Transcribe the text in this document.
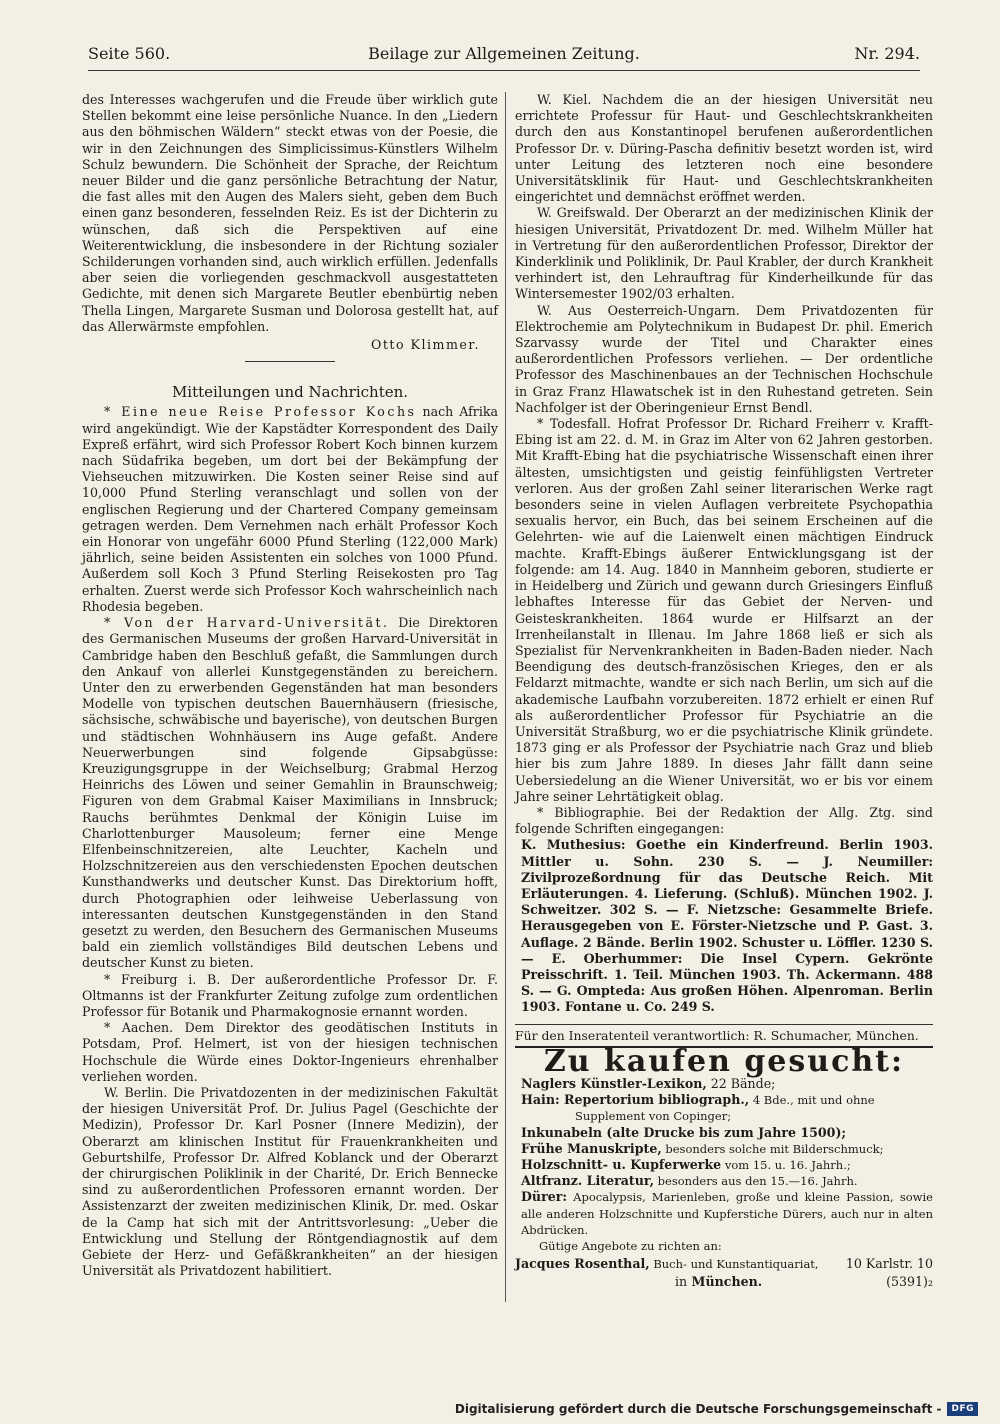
Seite 560.	Beilage zur Allgemeinen Zeitung.	Nr. 294.

des Interesses wachgerufen und die Freude über wirklich gute Stellen bekommt eine leise persönliche Nuance. In den „Liedern aus den böhmischen Wäldern“ steckt etwas von der Poesie, die wir in den Zeichnungen des Simplicissimus-Künstlers Wilhelm Schulz bewundern. Die Schönheit der Sprache, der Reichtum neuer Bilder und die ganz persönliche Betrachtung der Natur, die fast alles mit den Augen des Malers sieht, geben dem Buch einen ganz besonderen, fesselnden Reiz. Es ist der Dichterin zu wünschen, daß sich die Perspektiven auf eine Weiterentwicklung, die insbesondere in der Richtung sozialer Schilderungen vorhanden sind, auch wirklich erfüllen. Jedenfalls aber seien die vorliegenden geschmackvoll ausgestatteten Gedichte, mit denen sich Margarete Beutler ebenbürtig neben Thella Lingen, Margarete Susman und Dolorosa gestellt hat, auf das Allerwärmste empfohlen.

Otto Klimmer.
Mitteilungen und Nachrichten.

* Eine neue Reise Professor Kochs nach Afrika wird angekündigt. Wie der Kapstädter Korrespondent des Daily Expreß erfährt, wird sich Professor Robert Koch binnen kurzem nach Südafrika begeben, um dort bei der Bekämpfung der Viehseuchen mitzuwirken. Die Kosten seiner Reise sind auf 10,000 Pfund Sterling veranschlagt und sollen von der englischen Regierung und der Chartered Company gemeinsam getragen werden. Dem Vernehmen nach erhält Professor Koch ein Honorar von ungefähr 6000 Pfund Sterling (122,000 Mark) jährlich, seine beiden Assistenten ein solches von 1000 Pfund. Außerdem soll Koch 3 Pfund Sterling Reisekosten pro Tag erhalten. Zuerst werde sich Professor Koch wahrscheinlich nach Rhodesia begeben.

* Von der Harvard-Universität. Die Direktoren des Germanischen Museums der großen Harvard-Universität in Cambridge haben den Beschluß gefaßt, die Sammlungen durch den Ankauf von allerlei Kunstgegenständen zu bereichern. Unter den zu erwerbenden Gegenständen hat man besonders Modelle von typischen deutschen Bauernhäusern (friesische, sächsische, schwäbische und bayerische), von deutschen Burgen und städtischen Wohnhäusern ins Auge gefaßt. Andere Neuerwerbungen sind folgende Gipsabgüsse: Kreuzigungsgruppe in der Weichselburg; Grabmal Herzog Heinrichs des Löwen und seiner Gemahlin in Braunschweig; Figuren von dem Grabmal Kaiser Maximilians in Innsbruck; Rauchs berühmtes Denkmal der Königin Luise im Charlottenburger Mausoleum; ferner eine Menge Elfenbeinschnitzereien, alte Leuchter, Kacheln und Holzschnitzereien aus den verschiedensten Epochen deutschen Kunsthandwerks und deutscher Kunst. Das Direktorium hofft, durch Photographien oder leihweise Ueberlassung von interessanten deutschen Kunstgegenständen in den Stand gesetzt zu werden, den Besuchern des Germanischen Museums bald ein ziemlich vollständiges Bild deutschen Lebens und deutscher Kunst zu bieten.

* Freiburg i. B. Der außerordentliche Professor Dr. F. Oltmanns ist der Frankfurter Zeitung zufolge zum ordentlichen Professor für Botanik und Pharmakognosie ernannt worden.

* Aachen. Dem Direktor des geodätischen Instituts in Potsdam, Prof. Helmert, ist von der hiesigen technischen Hochschule die Würde eines Doktor-Ingenieurs ehrenhalber verliehen worden.

W. Berlin. Die Privatdozenten in der medizinischen Fakultät der hiesigen Universität Prof. Dr. Julius Pagel (Geschichte der Medizin), Professor Dr. Karl Posner (Innere Medizin), der Oberarzt am klinischen Institut für Frauenkrankheiten und Geburtshilfe, Professor Dr. Alfred Koblanck und der Oberarzt der chirurgischen Poliklinik in der Charité, Dr. Erich Bennecke sind zu außerordentlichen Professoren ernannt worden. Der Assistenzarzt der zweiten medizinischen Klinik, Dr. med. Oskar de la Camp hat sich mit der Antrittsvorlesung: „Ueber die Entwicklung und Stellung der Röntgendiagnostik auf dem Gebiete der Herz- und Gefäßkrankheiten“ an der hiesigen Universität als Privatdozent habilitiert.

W. Kiel. Nachdem die an der hiesigen Universität neu errichtete Professur für Haut- und Geschlechtskrankheiten durch den aus Konstantinopel berufenen außerordentlichen Professor Dr. v. Düring-Pascha definitiv besetzt worden ist, wird unter Leitung des letzteren noch eine besondere Universitätsklinik für Haut- und Geschlechtskrankheiten eingerichtet und demnächst eröffnet werden.

W. Greifswald. Der Oberarzt an der medizinischen Klinik der hiesigen Universität, Privatdozent Dr. med. Wilhelm Müller hat in Vertretung für den außerordentlichen Professor, Direktor der Kinderklinik und Poliklinik, Dr. Paul Krabler, der durch Krankheit verhindert ist, den Lehrauftrag für Kinderheilkunde für das Wintersemester 1902/03 erhalten.

W. Aus Oesterreich-Ungarn. Dem Privatdozenten für Elektrochemie am Polytechnikum in Budapest Dr. phil. Emerich Szarvassy wurde der Titel und Charakter eines außerordentlichen Professors verliehen. — Der ordentliche Professor des Maschinenbaues an der Technischen Hochschule in Graz Franz Hlawatschek ist in den Ruhestand getreten. Sein Nachfolger ist der Oberingenieur Ernst Bendl.

* Todesfall. Hofrat Professor Dr. Richard Freiherr v. Krafft-Ebing ist am 22. d. M. in Graz im Alter von 62 Jahren gestorben. Mit Krafft-Ebing hat die psychiatrische Wissenschaft einen ihrer ältesten, umsichtigsten und geistig feinfühligsten Vertreter verloren. Aus der großen Zahl seiner literarischen Werke ragt besonders seine in vielen Auflagen verbreitete Psychopathia sexualis hervor, ein Buch, das bei seinem Erscheinen auf die Gelehrten- wie auf die Laienwelt einen mächtigen Eindruck machte. Krafft-Ebings äußerer Entwicklungsgang ist der folgende: am 14. Aug. 1840 in Mannheim geboren, studierte er in Heidelberg und Zürich und gewann durch Griesingers Einfluß lebhaftes Interesse für das Gebiet der Nerven- und Geisteskrankheiten. 1864 wurde er Hilfsarzt an der Irrenheilanstalt in Illenau. Im Jahre 1868 ließ er sich als Spezialist für Nervenkrankheiten in Baden-Baden nieder. Nach Beendigung des deutsch-französischen Krieges, den er als Feldarzt mitmachte, wandte er sich nach Berlin, um sich auf die akademische Laufbahn vorzubereiten. 1872 erhielt er einen Ruf als außerordentlicher Professor für Psychiatrie an die Universität Straßburg, wo er die psychiatrische Klinik gründete. 1873 ging er als Professor der Psychiatrie nach Graz und blieb hier bis zum Jahre 1889. In dieses Jahr fällt dann seine Uebersiedelung an die Wiener Universität, wo er bis vor einem Jahre seiner Lehrtätigkeit oblag.

* Bibliographie. Bei der Redaktion der Allg. Ztg. sind folgende Schriften eingegangen:

K. Muthesius: Goethe ein Kinderfreund. Berlin 1903. Mittler u. Sohn. 230 S. — J. Neumiller: Zivilprozeßordnung für das Deutsche Reich. Mit Erläuterungen. 4. Lieferung. (Schluß). München 1902. J. Schweitzer. 302 S. — F. Nietzsche: Gesammelte Briefe. Herausgegeben von E. Förster-Nietzsche und P. Gast. 3. Auflage. 2 Bände. Berlin 1902. Schuster u. Löffler. 1230 S. — E. Oberhummer: Die Insel Cypern. Gekrönte Preisschrift. 1. Teil. München 1903. Th. Ackermann. 488 S. — G. Ompteda: Aus großen Höhen. Alpenroman. Berlin 1903. Fontane u. Co. 249 S.

Für den Inseratenteil verantwortlich: R. Schumacher, München.
Zu kaufen gesucht:

Naglers Künstler-Lexikon, 22 Bände;

Hain: Repertorium bibliograph., 4 Bde., mit und ohne

Supplement von Copinger;

Inkunabeln (alte Drucke bis zum Jahre 1500);

Frühe Manuskripte, besonders solche mit Bilderschmuck;

Holzschnitt- u. Kupferwerke vom 15. u. 16. Jahrh.;

Altfranz. Literatur, besonders aus den 15.—16. Jahrh.

Dürer: Apocalypsis, Marienleben, große und kleine Passion, sowie alle anderen Holzschnitte und Kupferstiche Dürers, auch nur in alten Abdrücken.

Gütige Angebote zu richten an:

Jacques Rosenthal, Buch- und Kunstantiquariat, 10 Karlstr. 10
in München.	(5391)₂
Digitalisierung gefördert durch die Deutsche Forschungsgemeinschaft -	DFG
